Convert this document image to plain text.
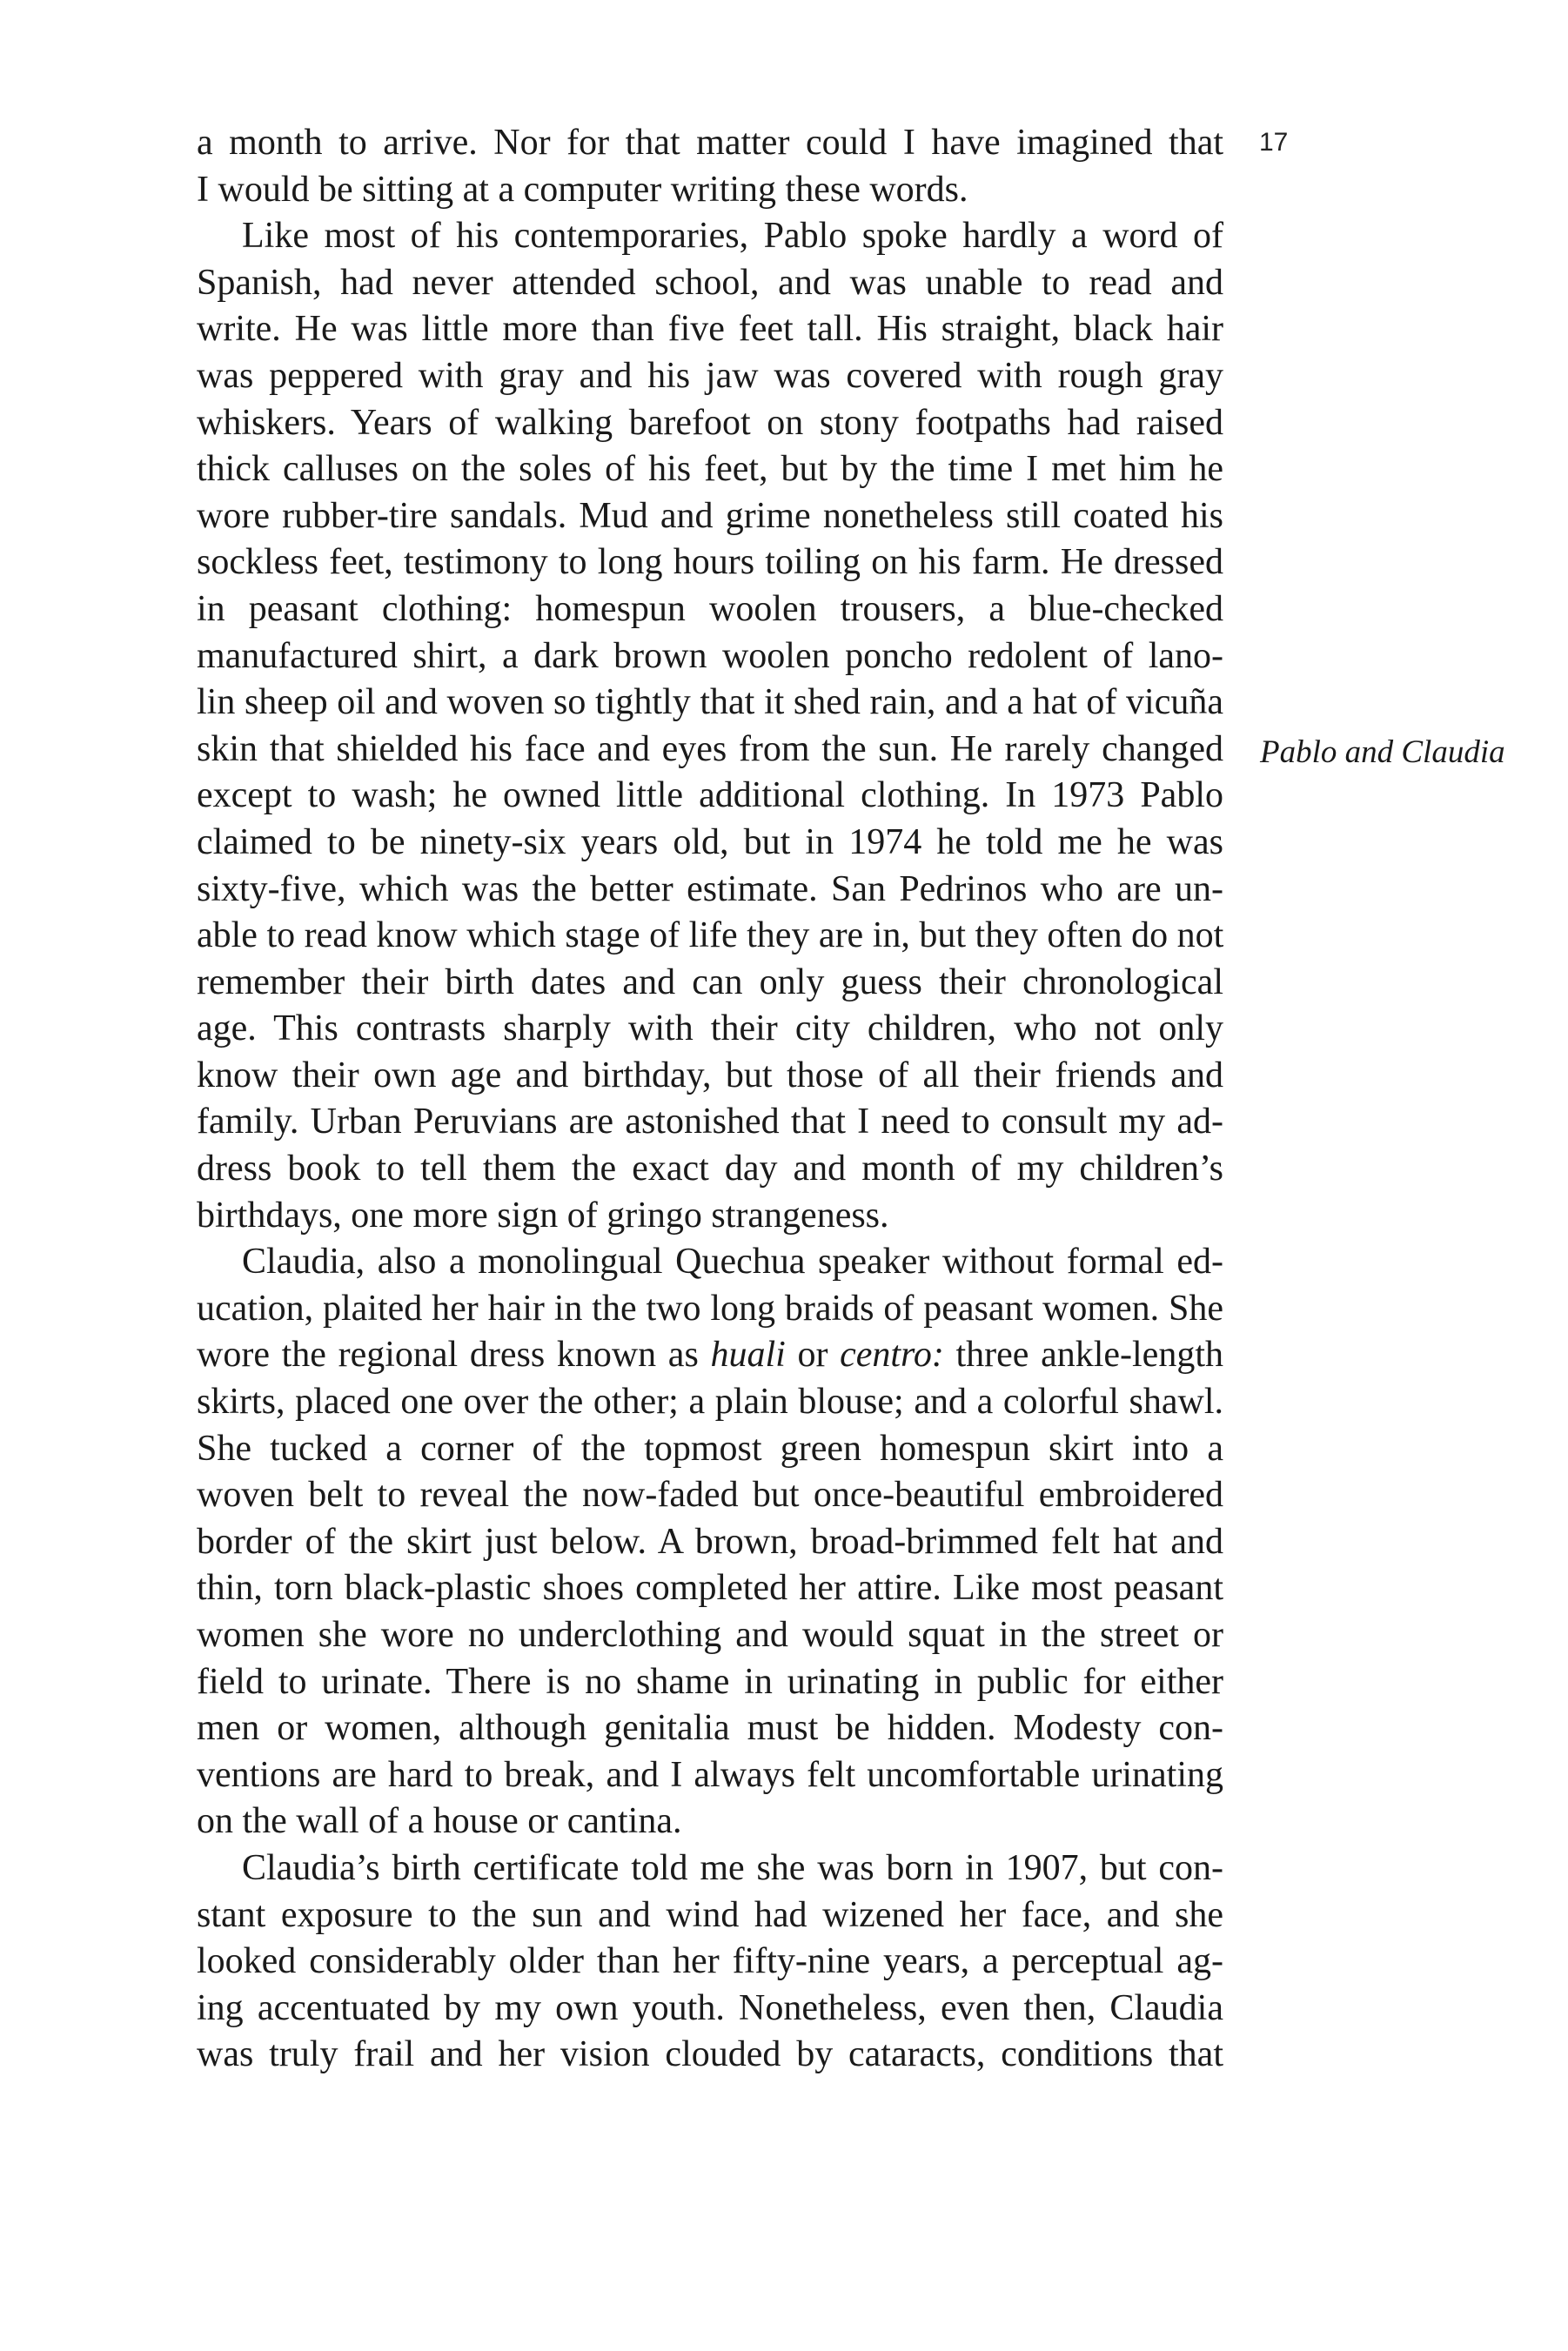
17
Pablo and Claudia
a month to arrive. Nor for that matter could I have imagined that
I would be sitting at a computer writing these words.
Like most of his contemporaries, Pablo spoke hardly a word of
Spanish, had never attended school, and was unable to read and
write. He was little more than five feet tall. His straight, black hair
was peppered with gray and his jaw was covered with rough gray
whiskers. Years of walking barefoot on stony footpaths had raised
thick calluses on the soles of his feet, but by the time I met him he
wore rubber-tire sandals. Mud and grime nonetheless still coated his
sockless feet, testimony to long hours toiling on his farm. He dressed
in peasant clothing: homespun woolen trousers, a blue-checked
manufactured shirt, a dark brown woolen poncho redolent of lano-
lin sheep oil and woven so tightly that it shed rain, and a hat of vicuña
skin that shielded his face and eyes from the sun. He rarely changed
except to wash; he owned little additional clothing. In 1973 Pablo
claimed to be ninety-six years old, but in 1974 he told me he was
sixty-five, which was the better estimate. San Pedrinos who are un-
able to read know which stage of life they are in, but they often do not
remember their birth dates and can only guess their chronological
age. This contrasts sharply with their city children, who not only
know their own age and birthday, but those of all their friends and
family. Urban Peruvians are astonished that I need to consult my ad-
dress book to tell them the exact day and month of my children’s
birthdays, one more sign of gringo strangeness.
Claudia, also a monolingual Quechua speaker without formal ed-
ucation, plaited her hair in the two long braids of peasant women. She
wore the regional dress known as huali or centro: three ankle-length
skirts, placed one over the other; a plain blouse; and a colorful shawl.
She tucked a corner of the topmost green homespun skirt into a
woven belt to reveal the now-faded but once-beautiful embroidered
border of the skirt just below. A brown, broad-brimmed felt hat and
thin, torn black-plastic shoes completed her attire. Like most peasant
women she wore no underclothing and would squat in the street or
field to urinate. There is no shame in urinating in public for either
men or women, although genitalia must be hidden. Modesty con-
ventions are hard to break, and I always felt uncomfortable urinating
on the wall of a house or cantina.
Claudia’s birth certificate told me she was born in 1907, but con-
stant exposure to the sun and wind had wizened her face, and she
looked considerably older than her fifty-nine years, a perceptual ag-
ing accentuated by my own youth. Nonetheless, even then, Claudia
was truly frail and her vision clouded by cataracts, conditions that
